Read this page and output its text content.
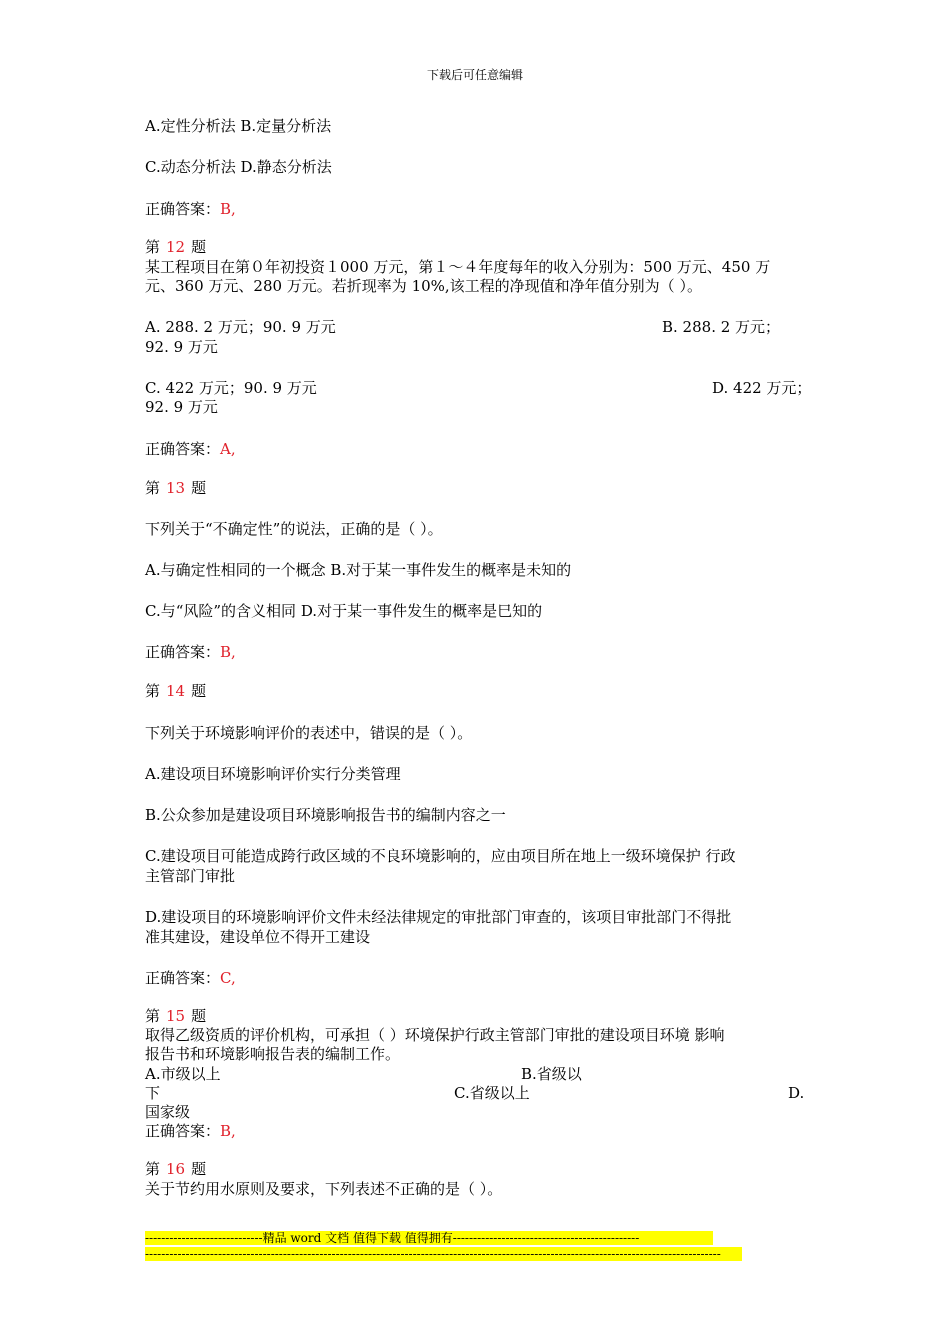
下载后可任意编辑
A.定性分析法 B.定量分析法
C.动态分析法 D.静态分析法
正确答案：B,
第 12 题
某工程项目在第０年初投资１000 万元，第１～４年度每年的收入分别为：500 万元、450 万
元、360 万元、280 万元。若折现率为 10%,该工程的净现值和净年值分别为（ ）。
A. 288. 2 万元；90. 9 万元	B. 288. 2 万元；
92. 9 万元
C. 422 万元；90. 9 万元	D. 422 万元；
92. 9 万元
正确答案：A,
第 13 题
下列关于“不确定性”的说法，正确的是（ ）。
A.与确定性相同的一个概念 B.对于某一事件发生的概率是未知的
C.与“风险”的含义相同 D.对于某一事件发生的概率是巳知的
正确答案：B,
第 14 题
下列关于环境影响评价的表述中，错误的是（ ）。
A.建设项目环境影响评价实行分类管理
B.公众参加是建设项目环境影响报告书的编制内容之一
C.建设项目可能造成跨行政区域的不良环境影响的，应由项目所在地上一级环境保护 行政
主管部门审批
D.建设项目的环境影响评价文件未经法律规定的审批部门审查的，该项目审批部门不得批
准其建设，建设单位不得开工建设
正确答案：C,
第 15 题
取得乙级资质的评价机构，可承担（ ）环境保护行政主管部门审批的建设项目环境 影响
报告书和环境影响报告表的编制工作。
A.市级以上	B.省级以
下	C.省级以上	D.
国家级
正确答案：B,
第 16 题
关于节约用水原则及要求，下列表述不正确的是（ ）。
-----------------------------精品 word 文档 值得下载 值得拥有----------------------------------------------
----------------------------------------------------------------------------------------------------------------------------------------------
